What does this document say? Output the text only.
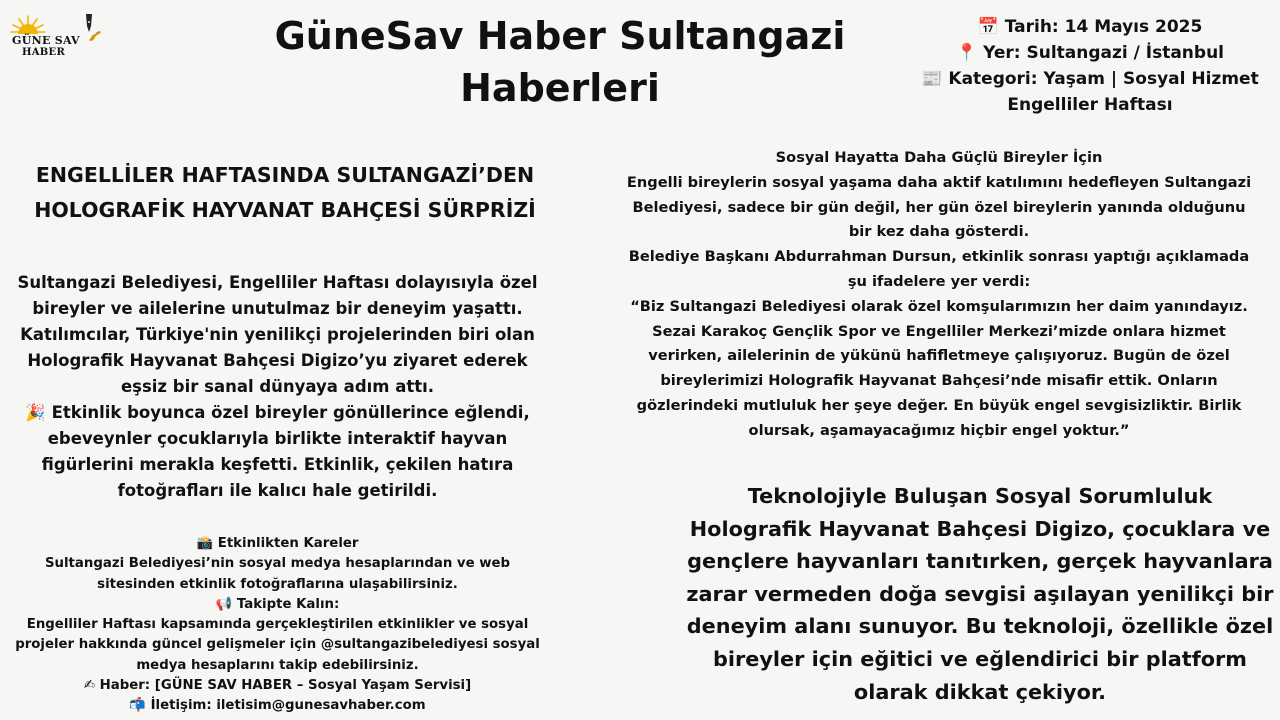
GÜNE SAV
HABER	GüneSav Haber Sultangazi Haberleri
📅 Tarih: 14 Mayıs 2025
📍 Yer: Sultangazi / İstanbul
📰 Kategori: Yaşam | Sosyal Hizmet
Engelliler Haftası
ENGELLİLER HAFTASINDA SULTANGAZİ’DEN HOLOGRAFİK HAYVANAT BAHÇESİ SÜRPRİZİ
Sultangazi Belediyesi, Engelliler Haftası dolayısıyla özel bireyler ve ailelerine unutulmaz bir deneyim yaşattı. Katılımcılar, Türkiye'nin yenilikçi projelerinden biri olan Holografik Hayvanat Bahçesi Digizo’yu ziyaret ederek eşsiz bir sanal dünyaya adım attı.
🎉 Etkinlik boyunca özel bireyler gönüllerince eğlendi, ebeveynler çocuklarıyla birlikte interaktif hayvan figürlerini merakla keşfetti. Etkinlik, çekilen hatıra fotoğrafları ile kalıcı hale getirildi.
📸 Etkinlikten Kareler
Sultangazi Belediyesi’nin sosyal medya hesaplarından ve web sitesinden etkinlik fotoğraflarına ulaşabilirsiniz.
📢 Takipte Kalın:
Engelliler Haftası kapsamında gerçekleştirilen etkinlikler ve sosyal projeler hakkında güncel gelişmeler için @sultangazibelediyesi sosyal medya hesaplarını takip edebilirsiniz.
✍ Haber: [GÜNE SAV HABER – Sosyal Yaşam Servisi]
📬 İletişim: iletisim@gunesavhaber.com
Sosyal Hayatta Daha Güçlü Bireyler İçin
Engelli bireylerin sosyal yaşama daha aktif katılımını hedefleyen Sultangazi
Belediyesi, sadece bir gün değil, her gün özel bireylerin yanında olduğunu
bir kez daha gösterdi.
Belediye Başkanı Abdurrahman Dursun, etkinlik sonrası yaptığı açıklamada
şu ifadelere yer verdi:
“Biz Sultangazi Belediyesi olarak özel komşularımızın her daim yanındayız.
Sezai Karakoç Gençlik Spor ve Engelliler Merkezi’mizde onlara hizmet
verirken, ailelerinin de yükünü hafifletmeye çalışıyoruz. Bugün de özel
bireylerimizi Holografik Hayvanat Bahçesi’nde misafir ettik. Onların
gözlerindeki mutluluk her şeye değer. En büyük engel sevgisizliktir. Birlik
olursak, aşamayacağımız hiçbir engel yoktur.”
Teknolojiyle Buluşan Sosyal Sorumluluk
Holografik Hayvanat Bahçesi Digizo, çocuklara ve gençlere hayvanları tanıtırken, gerçek hayvanlara zarar vermeden doğa sevgisi aşılayan yenilikçi bir deneyim alanı sunuyor. Bu teknoloji, özellikle özel bireyler için eğitici ve eğlendirici bir platform olarak dikkat çekiyor.
